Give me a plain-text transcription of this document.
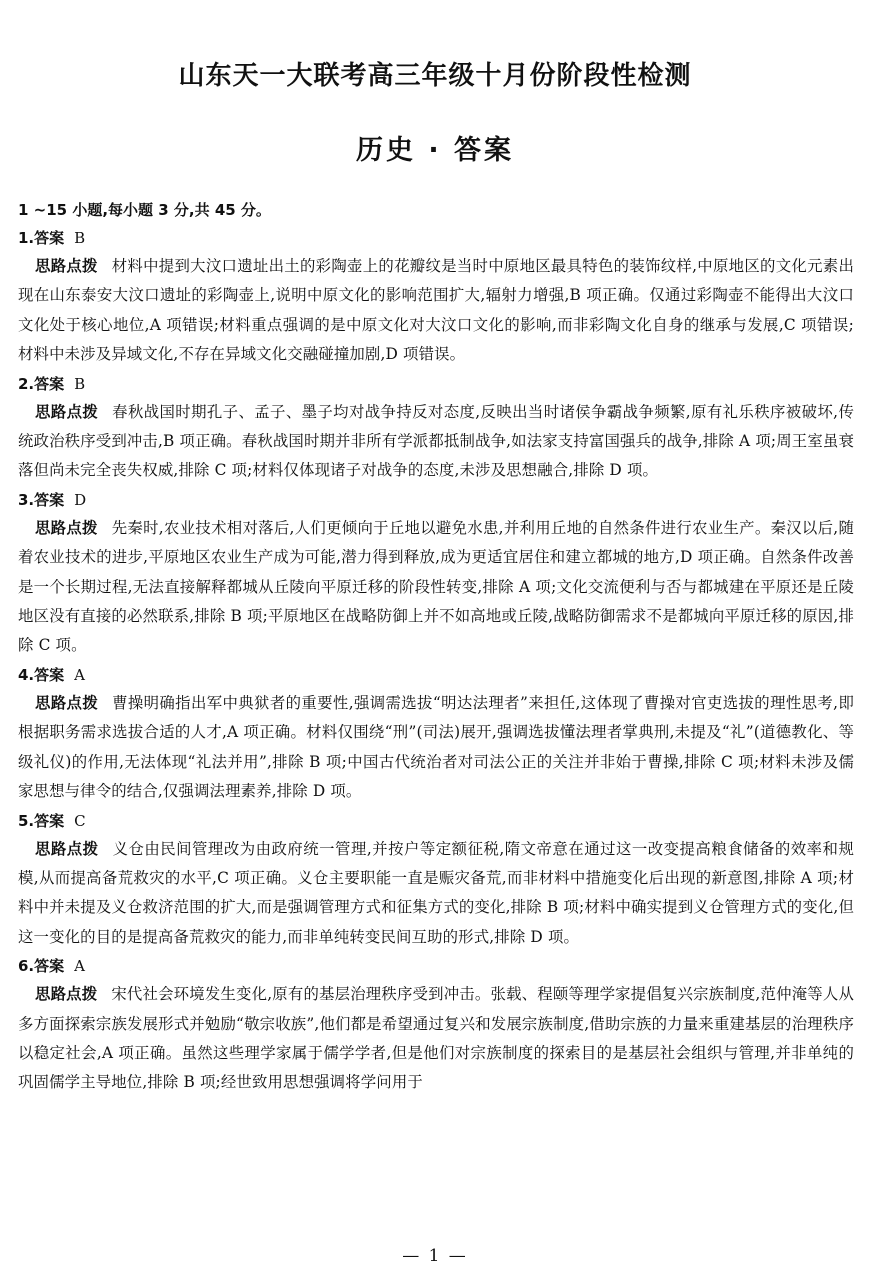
山东天一大联考高三年级十月份阶段性检测
历史 · 答案

1 ~15 小题,每小题 3 分,共 45 分。

1.答案 B

思路点拨 材料中提到大汶口遗址出土的彩陶壶上的花瓣纹是当时中原地区最具特色的装饰纹样,中原地区的文化元素出现在山东泰安大汶口遗址的彩陶壶上,说明中原文化的影响范围扩大,辐射力增强,B 项正确。仅通过彩陶壶不能得出大汶口文化处于核心地位,A 项错误;材料重点强调的是中原文化对大汶口文化的影响,而非彩陶文化自身的继承与发展,C 项错误;材料中未涉及异域文化,不存在异域文化交融碰撞加剧,D 项错误。

2.答案 B

思路点拨 春秋战国时期孔子、孟子、墨子均对战争持反对态度,反映出当时诸侯争霸战争频繁,原有礼乐秩序被破坏,传统政治秩序受到冲击,B 项正确。春秋战国时期并非所有学派都抵制战争,如法家支持富国强兵的战争,排除 A 项;周王室虽衰落但尚未完全丧失权威,排除 C 项;材料仅体现诸子对战争的态度,未涉及思想融合,排除 D 项。

3.答案 D

思路点拨 先秦时,农业技术相对落后,人们更倾向于丘地以避免水患,并利用丘地的自然条件进行农业生产。秦汉以后,随着农业技术的进步,平原地区农业生产成为可能,潜力得到释放,成为更适宜居住和建立都城的地方,D 项正确。自然条件改善是一个长期过程,无法直接解释都城从丘陵向平原迁移的阶段性转变,排除 A 项;文化交流便利与否与都城建在平原还是丘陵地区没有直接的必然联系,排除 B 项;平原地区在战略防御上并不如高地或丘陵,战略防御需求不是都城向平原迁移的原因,排除 C 项。

4.答案 A

思路点拨 曹操明确指出军中典狱者的重要性,强调需选拔“明达法理者”来担任,这体现了曹操对官吏选拔的理性思考,即根据职务需求选拔合适的人才,A 项正确。材料仅围绕“刑”(司法)展开,强调选拔懂法理者掌典刑,未提及“礼”(道德教化、等级礼仪)的作用,无法体现“礼法并用”,排除 B 项;中国古代统治者对司法公正的关注并非始于曹操,排除 C 项;材料未涉及儒家思想与律令的结合,仅强调法理素养,排除 D 项。

5.答案 C

思路点拨 义仓由民间管理改为由政府统一管理,并按户等定额征税,隋文帝意在通过这一改变提高粮食储备的效率和规模,从而提高备荒救灾的水平,C 项正确。义仓主要职能一直是赈灾备荒,而非材料中措施变化后出现的新意图,排除 A 项;材料中并未提及义仓救济范围的扩大,而是强调管理方式和征集方式的变化,排除 B 项;材料中确实提到义仓管理方式的变化,但这一变化的目的是提高备荒救灾的能力,而非单纯转变民间互助的形式,排除 D 项。

6.答案 A

思路点拨 宋代社会环境发生变化,原有的基层治理秩序受到冲击。张载、程颐等理学家提倡复兴宗族制度,范仲淹等人从多方面探索宗族发展形式并勉励“敬宗收族”,他们都是希望通过复兴和发展宗族制度,借助宗族的力量来重建基层的治理秩序以稳定社会,A 项正确。虽然这些理学家属于儒学学者,但是他们对宗族制度的探索目的是基层社会组织与管理,并非单纯的巩固儒学主导地位,排除 B 项;经世致用思想强调将学问用于

— 1 —
